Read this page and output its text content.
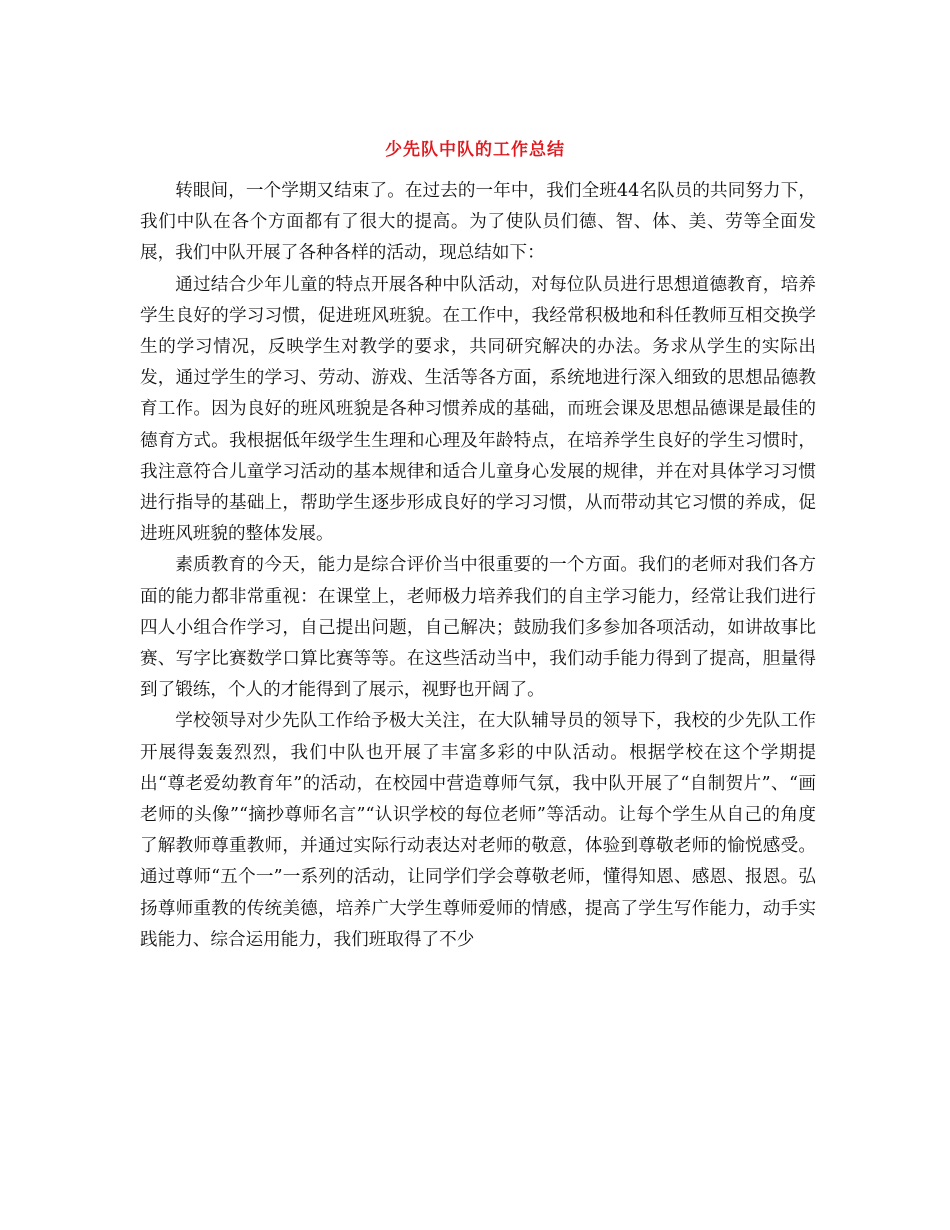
少先队中队的工作总结

转眼间，一个学期又结束了。在过去的一年中，我们全班44名队员的共同努力下，我们中队在各个方面都有了很大的提高。为了使队员们德、智、体、美、劳等全面发展，我们中队开展了各种各样的活动，现总结如下：

通过结合少年儿童的特点开展各种中队活动，对每位队员进行思想道德教育，培养学生良好的学习习惯，促进班风班貌。在工作中，我经常积极地和科任教师互相交换学生的学习情况，反映学生对教学的要求，共同研究解决的办法。务求从学生的实际出发，通过学生的学习、劳动、游戏、生活等各方面，系统地进行深入细致的思想品德教育工作。因为良好的班风班貌是各种习惯养成的基础，而班会课及思想品德课是最佳的德育方式。我根据低年级学生生理和心理及年龄特点，在培养学生良好的学生习惯时，我注意符合儿童学习活动的基本规律和适合儿童身心发展的规律，并在对具体学习习惯进行指导的基础上，帮助学生逐步形成良好的学习习惯，从而带动其它习惯的养成，促进班风班貌的整体发展。

素质教育的今天，能力是综合评价当中很重要的一个方面。我们的老师对我们各方面的能力都非常重视：在课堂上，老师极力培养我们的自主学习能力，经常让我们进行四人小组合作学习，自己提出问题，自己解决；鼓励我们多参加各项活动，如讲故事比赛、写字比赛数学口算比赛等等。在这些活动当中，我们动手能力得到了提高，胆量得到了锻练，个人的才能得到了展示，视野也开阔了。

学校领导对少先队工作给予极大关注，在大队辅导员的领导下，我校的少先队工作开展得轰轰烈烈，我们中队也开展了丰富多彩的中队活动。根据学校在这个学期提出“尊老爱幼教育年”的活动，在校园中营造尊师气氛，我中队开展了“自制贺片”、“画老师的头像”“摘抄尊师名言”“认识学校的每位老师”等活动。让每个学生从自己的角度了解教师尊重教师，并通过实际行动表达对老师的敬意，体验到尊敬老师的愉悦感受。通过尊师“五个一”一系列的活动，让同学们学会尊敬老师，懂得知恩、感恩、报恩。弘扬尊师重教的传统美德，培养广大学生尊师爱师的情感，提高了学生写作能力，动手实践能力、综合运用能力，我们班取得了不少
